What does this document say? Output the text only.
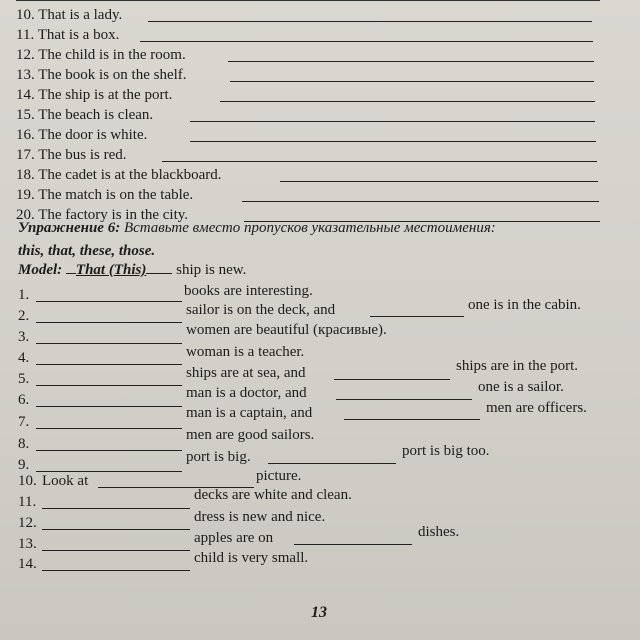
10. That is a lady.
11. That is a box.
12. The child is in the room.
13. The book is on the shelf.
14. The ship is at the port.
15. The beach is clean.
16. The door is white.
17. The bus is red.
18. The cadet is at the blackboard.
19. The match is on the table.
20. The factory is in the city.
Упражнение 6: Вставьте вместо пропусков указательные местоимения:
this, that, these, those.
Model: That (This) ship is new.
1.	books are interesting.
2.	sailor is on the deck, and	one is in the cabin.
3.	women are beautiful (красивые).
4.	woman is a teacher.
5.	ships are at sea, and	ships are in the port.
6.	man is a doctor, and	one is a sailor.
7.
man is a captain, and	men are officers.
8.
men are good sailors.
9.	port is big.	port is big too.
10. Look at	picture.
11.	decks are white and clean.
12.	dress is new and nice.
13.	apples are on	dishes.
14.	child is very small.
13
